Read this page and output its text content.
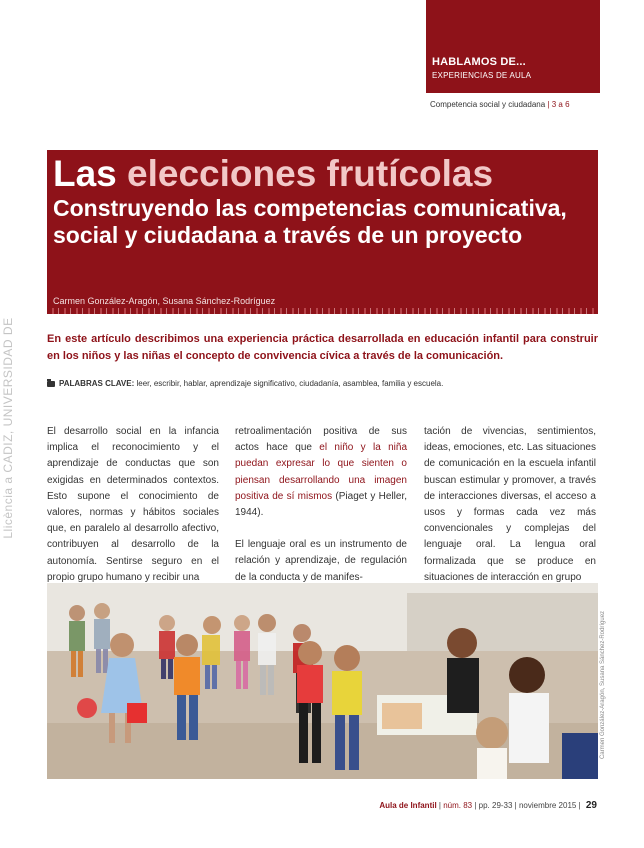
HABLAMOS DE...
EXPERIENCIAS DE AULA
Competencia social y ciudadana | 3 a 6
Las elecciones frutícolas
Construyendo las competencias comunicativa, social y ciudadana a través de un proyecto
Carmen González-Aragón, Susana Sánchez-Rodríguez
Llicència a CADIZ, UNIVERSIDAD DE	En este artículo describimos una experiencia práctica desarrollada en educación infantil para construir en los niños y las niñas el concepto de convivencia cívica a través de la comunicación.
PALABRAS CLAVE: leer, escribir, hablar, aprendizaje significativo, ciudadanía, asamblea, familia y escuela.

El desarrollo social en la infancia implica el reconocimiento y el aprendizaje de conductas que son exigidas en determinados contextos. Esto supone el conocimiento de valores, normas y hábitos sociales que, en paralelo al desarrollo afectivo, contribuyen al desarrollo de la autonomía. Sentirse seguro en el propio grupo humano y recibir una

retroalimentación positiva de sus actos hace que el niño y la niña puedan expresar lo que sienten o piensan desarrollando una imagen positiva de sí mismos (Piaget y Heller, 1944).

El lenguaje oral es un instrumento de relación y aprendizaje, de regulación de la conducta y de manifes-

tación de vivencias, sentimientos, ideas, emociones, etc. Las situaciones de comunicación en la escuela infantil buscan estimular y promover, a través de interacciones diversas, el acceso a usos y formas cada vez más convencionales y complejas del lenguaje oral. La lengua oral formalizada que se produce en situaciones de interacción en grupo

Carmen González-Aragón, Susana Sánchez-Rodríguez
Aula de Infantil | núm. 83 | pp. 29-33 | noviembre 2015 | 29
